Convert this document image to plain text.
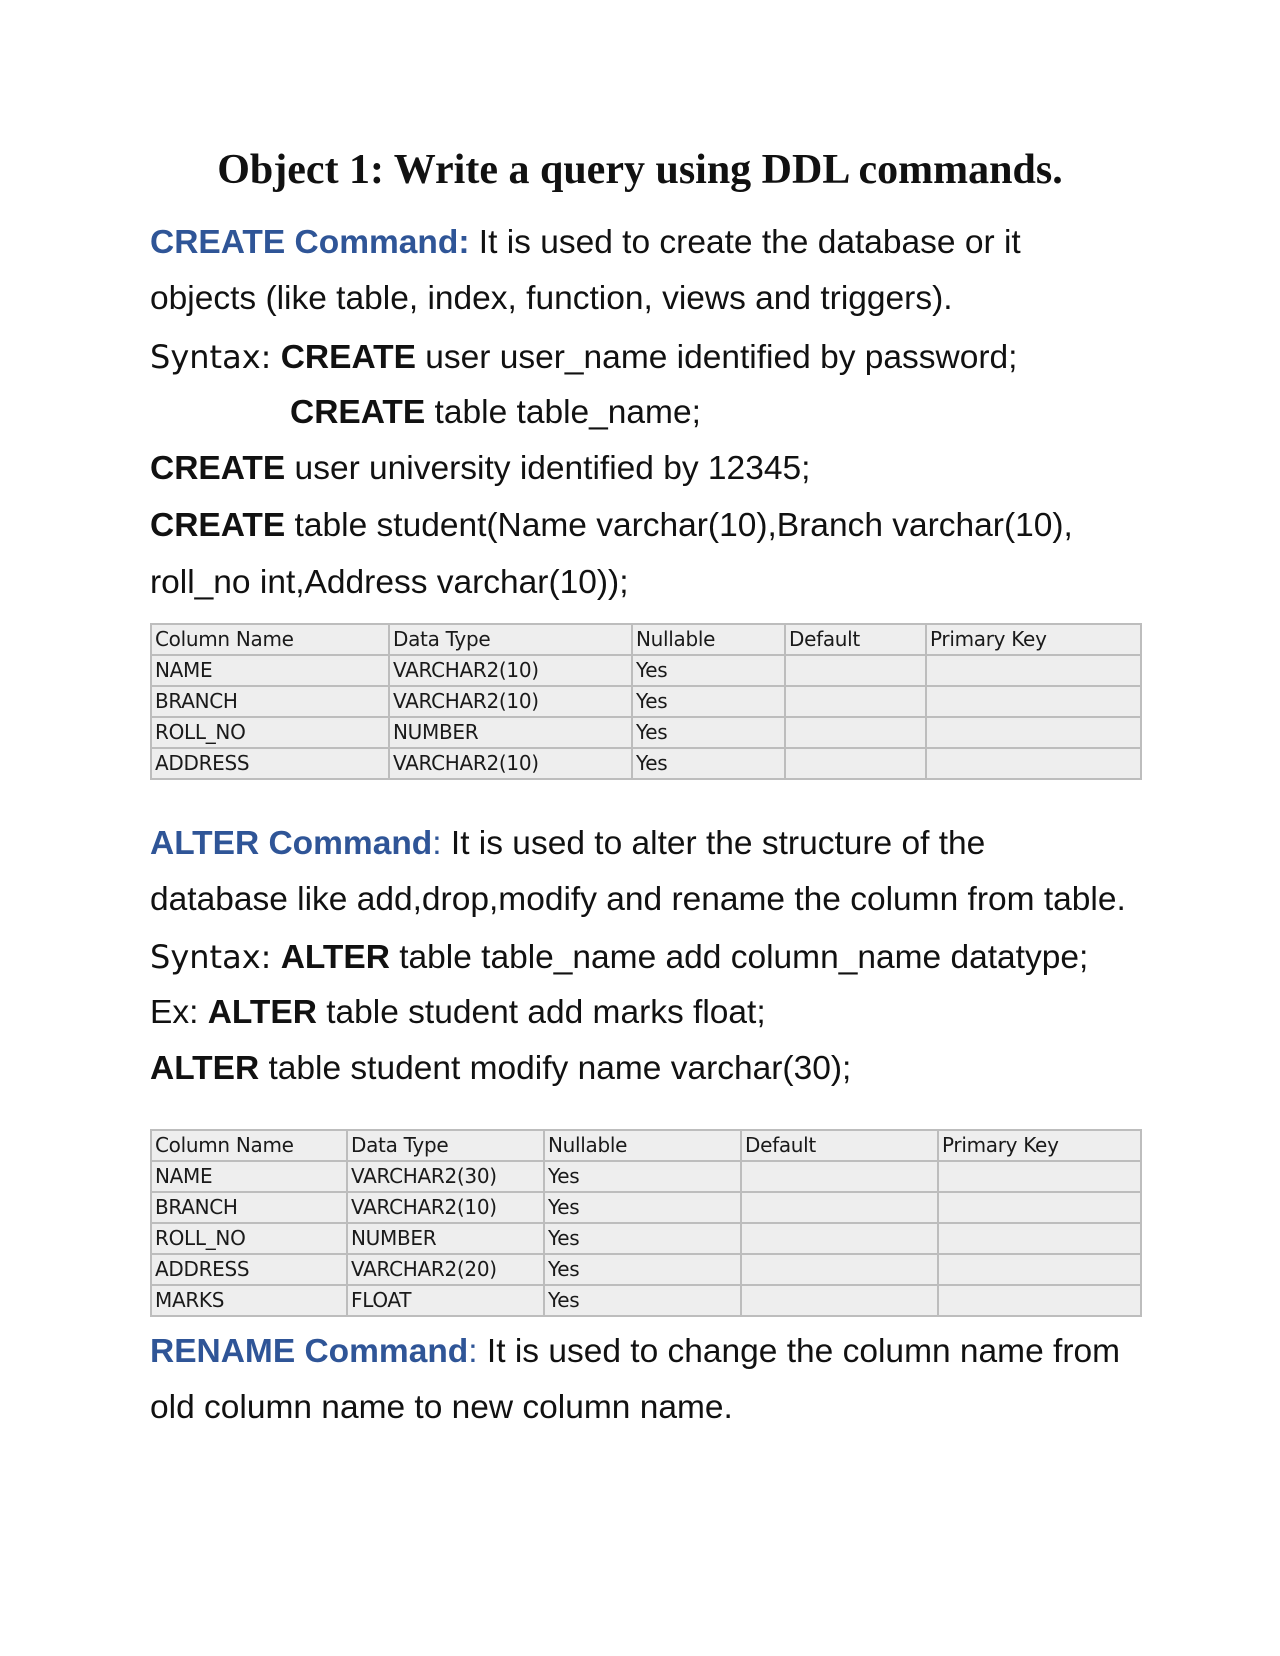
Object 1: Write a query using DDL commands.
CREATE Command: It is used to create the database or it
objects (like table, index, function, views and triggers).
Syntax: CREATE user user_name identified by password;
CREATE table table_name;
CREATE user university identified by 12345;
CREATE table student(Name varchar(10),Branch varchar(10),
roll_no int,Address varchar(10));
Column Name	Data Type	Nullable	Default	Primary Key
NAME	VARCHAR2(10)	Yes		
BRANCH	VARCHAR2(10)	Yes		
ROLL_NO	NUMBER	Yes		
ADDRESS	VARCHAR2(10)	Yes		
ALTER Command: It is used to alter the structure of the
database like add,drop,modify and rename the column from table.
Syntax: ALTER table table_name add column_name datatype;
Ex: ALTER table student add marks float;
ALTER table student modify name varchar(30);
Column Name	Data Type	Nullable	Default	Primary Key
NAME	VARCHAR2(30)	Yes		
BRANCH	VARCHAR2(10)	Yes		
ROLL_NO	NUMBER	Yes		
ADDRESS	VARCHAR2(20)	Yes		
MARKS	FLOAT	Yes		
RENAME Command: It is used to change the column name from
old column name to new column name.
